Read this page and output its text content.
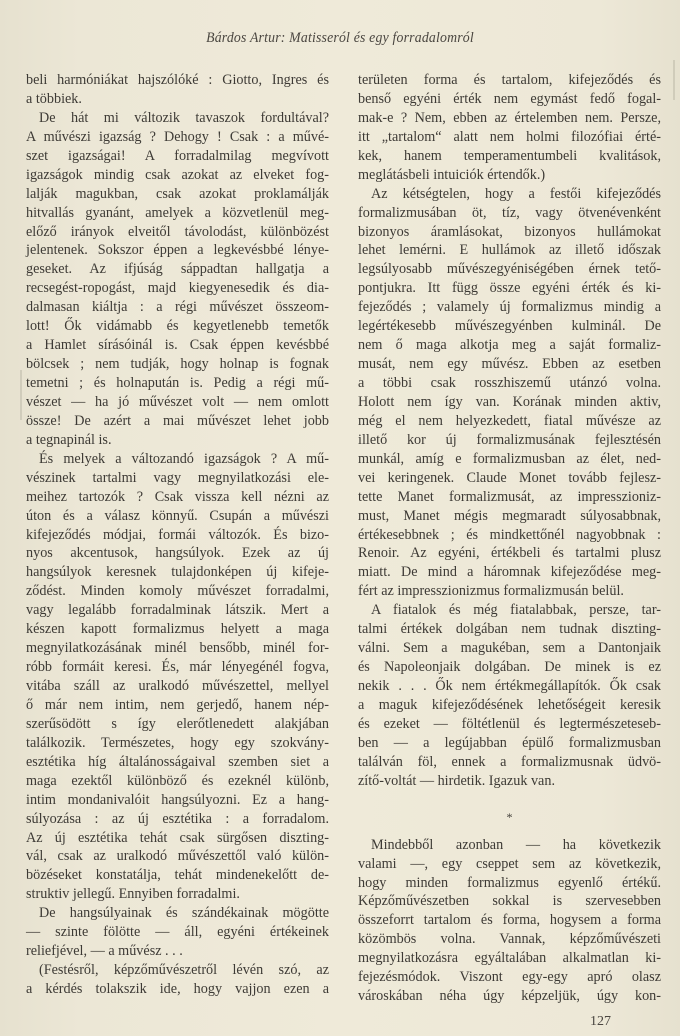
Bárdos Artur: Matisseról és egy forradalomról
beli harmóniákat hajszólóké : Giotto, Ingres és
a többiek.
De hát mi változik tavaszok fordultával?
A művészi igazság ? Dehogy ! Csak : a művé-
szet igazságai! A forradalmilag megvívott
igazságok mindig csak azokat az elveket fog-
lalják magukban, csak azokat proklamálják
hitvallás gyanánt, amelyek a közvetlenül meg-
előző irányok elveitől távolodást, különbözést
jelentenek. Sokszor éppen a legkevésbbé lénye-
geseket. Az ifjúság sáppadtan hallgatja a
recsegést-ropogást, majd kiegyenesedik és dia-
dalmasan kiáltja : a régi művészet összeom-
lott! Ők vidámabb és kegyetlenebb temetők
a Hamlet sírásóinál is. Csak éppen kevésbbé
bölcsek ; nem tudják, hogy holnap is fognak
temetni ; és holnapután is. Pedig a régi mű-
vészet — ha jó művészet volt — nem omlott
össze! De azért a mai művészet lehet jobb
a tegnapinál is.
És melyek a változandó igazságok ? A mű-
vészinek tartalmi vagy megnyilatkozási ele-
meihez tartozók ? Csak vissza kell nézni az
úton és a válasz könnyű. Csupán a művészi
kifejeződés módjai, formái változók. És bizo-
nyos akcentusok, hangsúlyok. Ezek az új
hangsúlyok keresnek tulajdonképen új kifeje-
ződést. Minden komoly művészet forradalmi,
vagy legalább forradalminak látszik. Mert a
készen kapott formalizmus helyett a maga
megnyilatkozásának minél bensőbb, minél for-
róbb formáit keresi. És, már lényegénél fogva,
vitába száll az uralkodó művészettel, mellyel
ő már nem intim, nem gerjedő, hanem nép-
szerűsödött s így elerőtlenedett alakjában
találkozik. Természetes, hogy egy szokvány-
esztétika híg általánosságaival szemben siet a
maga ezektől különböző és ezeknél különb,
intim mondanivalóit hangsúlyozni. Ez a hang-
súlyozása : az új esztétika : a forradalom.
Az új esztétika tehát csak sürgősen diszting-
vál, csak az uralkodó művészettől való külön-
bözéseket konstatálja, tehát mindenekelőtt de-
struktiv jellegű. Ennyiben forradalmi.
De hangsúlyainak és szándékainak mögötte
— szinte fölötte — áll, egyéni értékeinek
reliefjével, — a művész . . .
(Festésről, képzőművészetről lévén szó, az
a kérdés tolakszik ide, hogy vajjon ezen a
területen forma és tartalom, kifejeződés és
benső egyéni érték nem egymást fedő fogal-
mak-e ? Nem, ebben az értelemben nem. Persze,
itt „tartalom“ alatt nem holmi filozófiai érté-
kek, hanem temperamentumbeli kvalitások,
meglátásbeli intuiciók értendők.)
Az kétségtelen, hogy a festői kifejeződés
formalizmusában öt, tíz, vagy ötvenévenként
bizonyos áramlásokat, bizonyos hullámokat
lehet lemérni. E hullámok az illető időszak
legsúlyosabb művészegyéniségében érnek tető-
pontjukra. Itt függ össze egyéni érték és ki-
fejeződés ; valamely új formalizmus mindig a
legértékesebb művészegyénben kulminál. De
nem ő maga alkotja meg a saját formaliz-
musát, nem egy művész. Ebben az esetben
a többi csak rosszhiszemű utánzó volna.
Holott nem így van. Korának minden aktiv,
még el nem helyezkedett, fiatal művésze az
illető kor új formalizmusának fejlesztésén
munkál, amíg e formalizmusban az élet, ned-
vei keringenek. Claude Monet tovább fejlesz-
tette Manet formalizmusát, az impresszioniz-
must, Manet mégis megmaradt súlyosabbnak,
értékesebbnek ; és mindkettőnél nagyobbnak :
Renoir. Az egyéni, értékbeli és tartalmi plusz
miatt. De mind a háromnak kifejeződése meg-
fért az impresszionizmus formalizmusán belül.
A fiatalok és még fiatalabbak, persze, tar-
talmi értékek dolgában nem tudnak diszting-
válni. Sem a magukéban, sem a Dantonjaik
és Napoleonjaik dolgában. De minek is ez
nekik . . . Ők nem értékmegállapítók. Ők csak
a maguk kifejeződésének lehetőségeit keresik
és ezeket — föltétlenül és legtermészeteseb-
ben — a legújabban épülő formalizmusban
találván föl, ennek a formalizmusnak üdvö-
zítő-voltát — hirdetik. Igazuk van.
*
Mindebből azonban — ha következik
valami —, egy cseppet sem az következik,
hogy minden formalizmus egyenlő értékű.
Képzőművészetben sokkal is szervesebben
összeforrt tartalom és forma, hogysem a forma
közömbös volna. Vannak, képzőművészeti
megnyilatkozásra egyáltalában alkalmatlan ki-
fejezésmódok. Viszont egy-egy apró olasz
városkában néha úgy képzeljük, úgy kon-
127
